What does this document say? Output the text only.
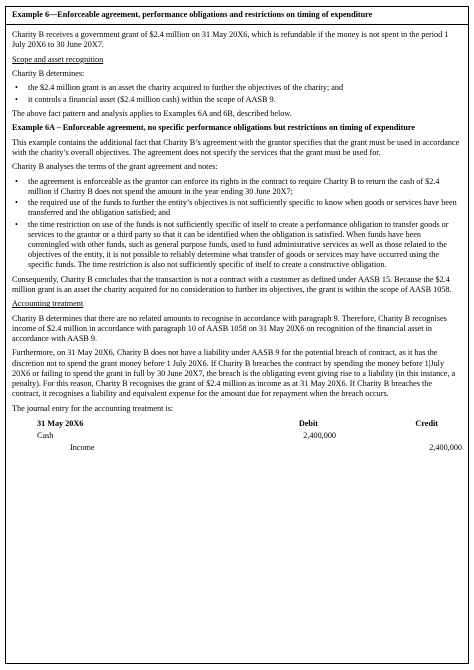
Example 6—Enforceable agreement, performance obligations and restrictions on timing of expenditure

Charity B receives a government grant of $2.4 million on 31 May 20X6, which is refundable if the money is not spent in the period 1 July 20X6 to 30 June 20X7.

Scope and asset recognition

Charity B determines:

• the $2.4 million grant is an asset the charity acquired to further the objectives of the charity; and
• it controls a financial asset ($2.4 million cash) within the scope of AASB 9.

The above fact pattern and analysis applies to Examples 6A and 6B, described below.

Example 6A – Enforceable agreement, no specific performance obligations but restrictions on timing of expenditure

This example contains the additional fact that Charity B’s agreement with the grantor specifies that the grant must be used in accordance with the charity’s overall objectives. The agreement does not specify the services that the grant must be used for.

Charity B analyses the terms of the grant agreement and notes:

• the agreement is enforceable as the grantor can enforce its rights in the contract to require Charity B to return the cash of $2.4 million if Charity B does not spend the amount in the year ending 30 June 20X7;
• the required use of the funds to further the entity’s objectives is not sufficiently specific to know when goods or services have been transferred and the obligation satisfied; and
• the time restriction on use of the funds is not sufficiently specific of itself to create a performance obligation to transfer goods or services to the grantor or a third party so that it can be identified when the obligation is satisfied. When funds have been commingled with other funds, such as general purpose funds, used to fund administrative services as well as those related to the objectives of the entity, it is not possible to reliably determine what transfer of goods or services may have occurred using the specific funds. The time restriction is also not sufficiently specific of itself to create a constructive obligation.

Consequently, Charity B concludes that the transaction is not a contract with a customer as defined under AASB 15. Because the $2.4 million grant is an asset the charity acquired for no consideration to further its objectives, the grant is within the scope of AASB 1058.

Accounting treatment

Charity B determines that there are no related amounts to recognise in accordance with paragraph 9. Therefore, Charity B recognises income of $2.4 million in accordance with paragraph 10 of AASB 1058 on 31 May 20X6 on recognition of the financial asset in accordance with AASB 9.

Furthermore, on 31 May 20X6, Charity B does not have a liability under AASB 9 for the potential breach of contract, as it has the discretion not to spend the grant money before 1 July 20X6. If Charity B breaches the contract by spending the money before 1|July 20X6 or failing to spend the grant in full by 30 June 20X7, the breach is the obligating event giving rise to a liability (in this instance, a penalty). For this reason, Charity B recognises the grant of $2.4 million as income as at 31 May 20X6. If Charity B breaches the contract, it recognises a liability and equivalent expense for the amount due for repayment when the breach occurs.

The journal entry for the accounting treatment is:

31 May 20X6	Debit	Credit
Cash	2,400,000	
Income		2,400,000
